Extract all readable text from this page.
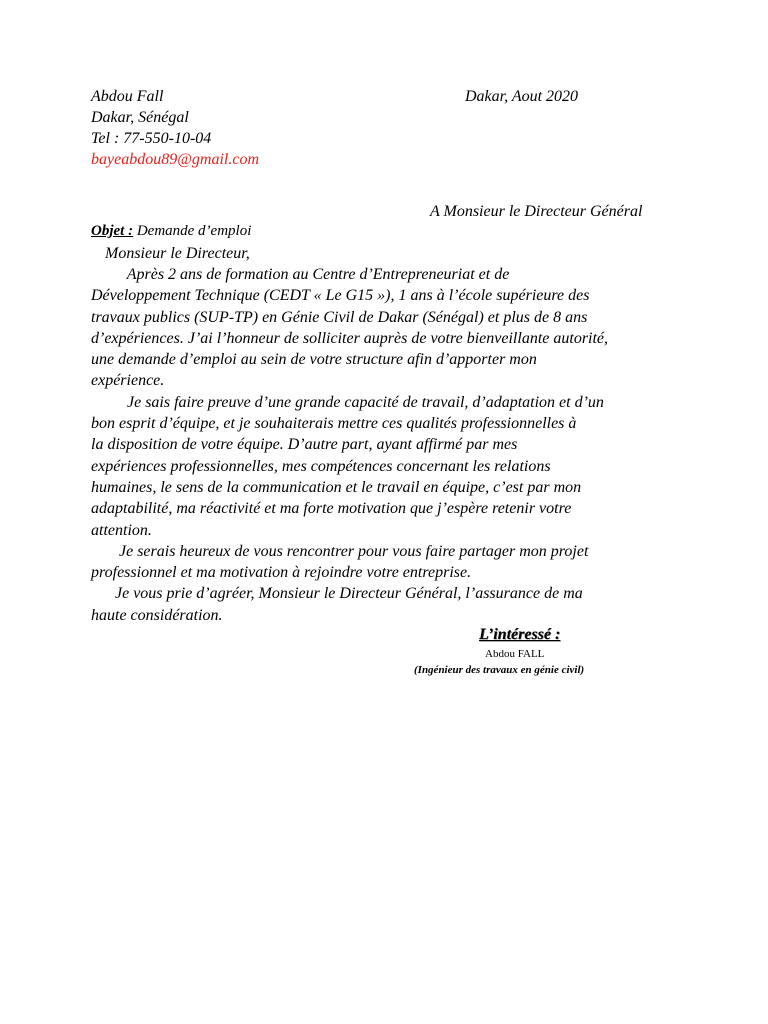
Abdou Fall
Dakar, Sénégal
Tel : 77-550-10-04
bayeabdou89@gmail.com
Dakar, Aout 2020
A Monsieur le Directeur Général
Objet : Demande d’emploi
Monsieur le Directeur,
Après 2 ans de formation au Centre d’Entrepreneuriat et de
Développement Technique (CEDT « Le G15 »), 1 ans à l’école supérieure des
travaux publics (SUP-TP) en Génie Civil de Dakar (Sénégal) et plus de 8 ans
d’expériences. J’ai l’honneur de solliciter auprès de votre bienveillante autorité,
une demande d’emploi au sein de votre structure afin d’apporter mon
expérience.
Je sais faire preuve d’une grande capacité de travail, d’adaptation et d’un
bon esprit d’équipe, et je souhaiterais mettre ces qualités professionnelles à
la disposition de votre équipe. D’autre part, ayant affirmé par mes
expériences professionnelles, mes compétences concernant les relations
humaines, le sens de la communication et le travail en équipe, c’est par mon
adaptabilité, ma réactivité et ma forte motivation que j’espère retenir votre
attention.
Je serais heureux de vous rencontrer pour vous faire partager mon projet
professionnel et ma motivation à rejoindre votre entreprise.
Je vous prie d’agréer, Monsieur le Directeur Général, l’assurance de ma
haute considération.
L’intéressé :
Abdou FALL
(Ingénieur des travaux en génie civil)
